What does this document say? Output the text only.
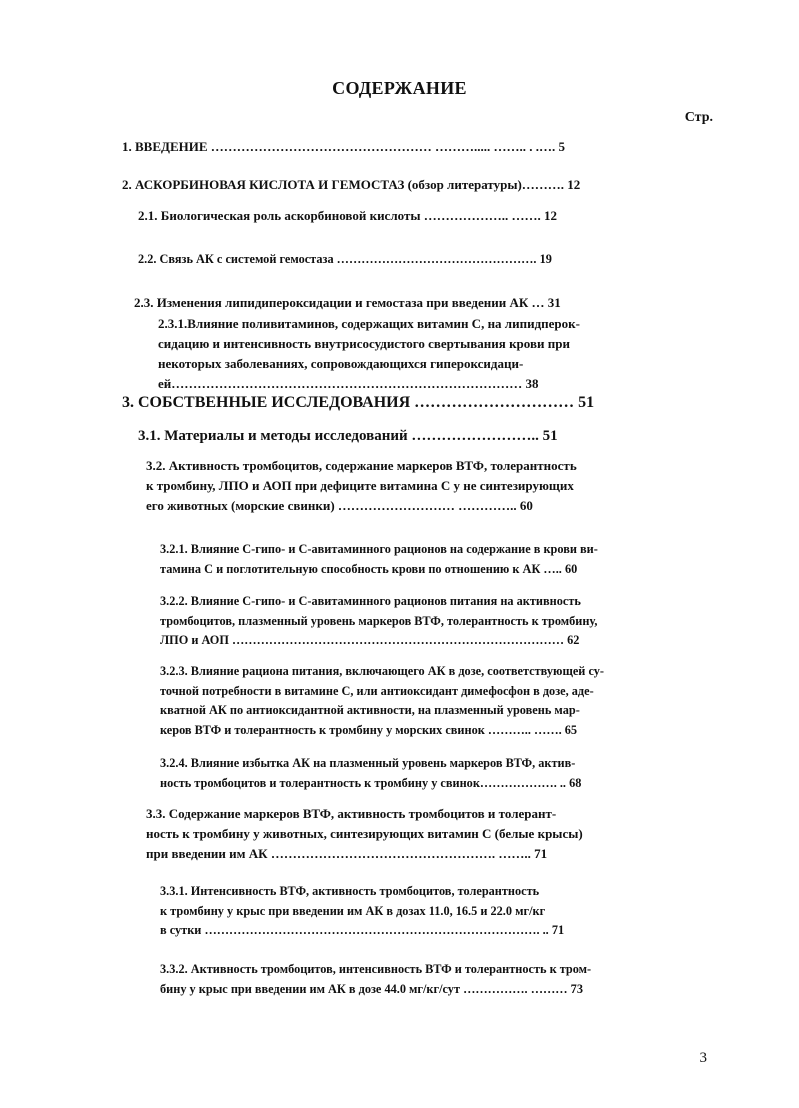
СОДЕРЖАНИЕ
Стр.
1. ВВЕДЕНИЕ …………………………………………… ………..... …….. . .…. 5
2. АСКОРБИНОВАЯ КИСЛОТА И ГЕМОСТАЗ (обзор литературы)………. 12
2.1. Биологическая роль аскорбиновой кислоты ……………….. ……. 12
2.2. Связь АК с системой гемостаза …………………………………………. 19
2.3. Изменения липидипероксидации и гемостаза при введении АК … 31
2.3.1.Влияние поливитаминов, содержащих витамин С, на липидперок-
сидацию и интенсивность внутрисосудистого свертывания крови при
некоторых заболеваниях, сопровождающихся гипероксидаци-
ей……………………………………………………………………… 38
3. СОБСТВЕННЫЕ ИССЛЕДОВАНИЯ ………………………… 51
3.1. Материалы и методы исследований …………………….. 51
3.2. Активность тромбоцитов, содержание маркеров ВТФ, толерантность
к тромбину, ЛПО и АОП при дефиците витамина С у не синтезирующих
его животных (морские свинки) ……………………… ………….. 60
3.2.1. Влияние С-гипо- и С-авитаминного рационов на содержание в крови ви-
тамина С и поглотительную способность крови по отношению к АК ….. 60
3.2.2. Влияние С-гипо- и С-авитаминного рационов питания на активность
тромбоцитов, плазменный уровень маркеров ВТФ, толерантность к тромбину,
ЛПО и АОП ……………………………………………………………………… 62
3.2.3. Влияние рациона питания, включающего АК в дозе, соответствующей су-
точной потребности в витамине С, или антиоксидант димефосфон в дозе, аде-
кватной АК по антиоксидантной активности, на плазменный уровень мар-
керов ВТФ и толерантность к тромбину у морских свинок ……….. ……. 65
3.2.4. Влияние избытка АК на плазменный уровень маркеров ВТФ, актив-
ность тромбоцитов и толерантность к тромбину у свинок………………. .. 68
3.3. Содержание маркеров ВТФ, активность тромбоцитов и толерант-
ность к тромбину у животных, синтезирующих витамин С (белые крысы)
при введении им АК ……………………………………………. …….. 71
3.3.1. Интенсивность ВТФ, активность тромбоцитов, толерантность
к тромбину у крыс при введении им АК в дозах 11.0, 16.5 и 22.0 мг/кг
в сутки ………………………………………………………………………. .. 71
3.3.2. Активность тромбоцитов, интенсивность ВТФ и толерантность к тром-
бину у крыс при введении им АК в дозе 44.0 мг/кг/сут ……………. ……… 73
3
